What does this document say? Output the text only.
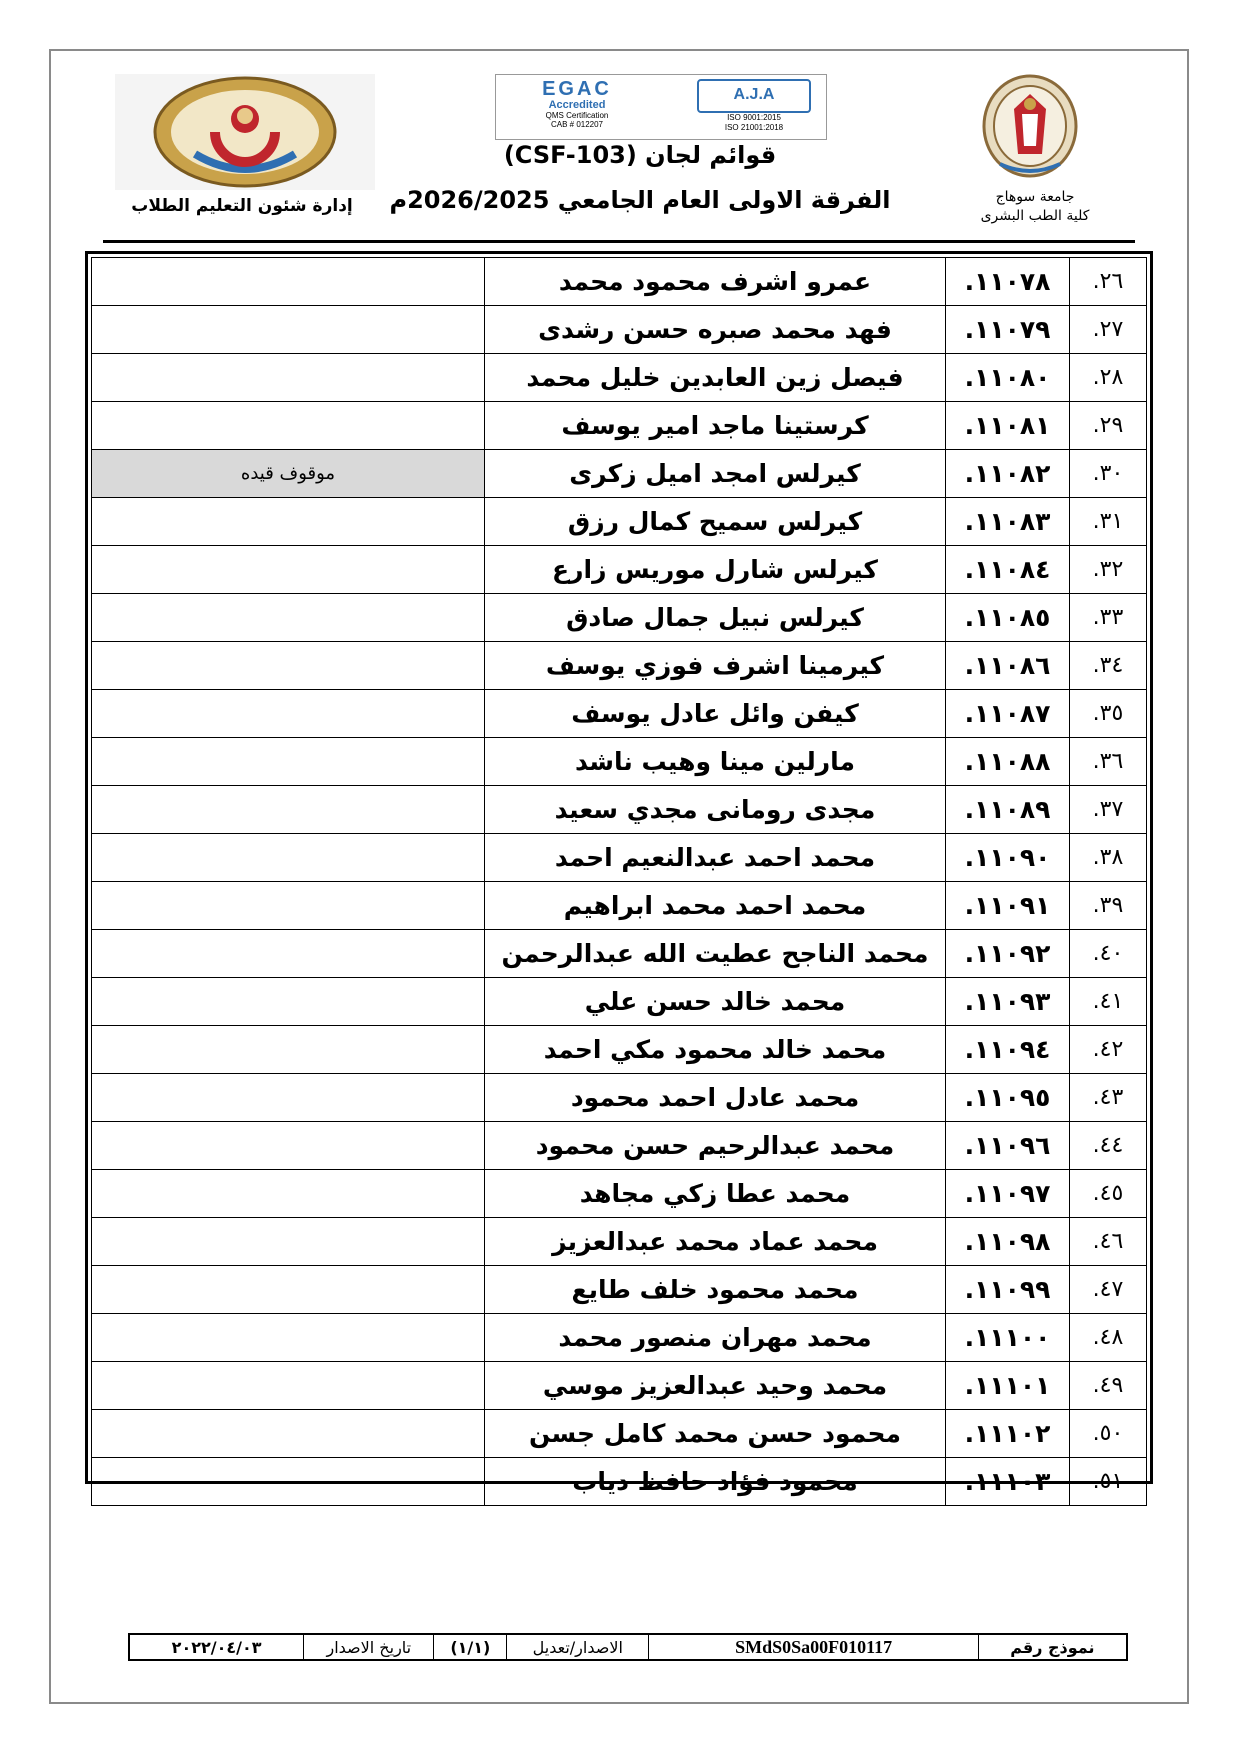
جامعة سوهاج
كلية الطب البشرى
EGAC
Accredited
QMS Certification
CAB # 012207
A.J.A
ISO 9001:2015
ISO 21001:2018
قوائم لجان (CSF-103)
الفرقة الاولى العام الجامعي 2026/2025م
إدارة شئون التعليم الطلاب
٢٦.	١١٠٧٨.	عمرو اشرف محمود محمد	
٢٧.	١١٠٧٩.	فهد محمد صبره حسن رشدى	
٢٨.	١١٠٨٠.	فيصل زين العابدين خليل محمد	
٢٩.	١١٠٨١.	كرستينا ماجد امير يوسف	
٣٠.	١١٠٨٢.	كيرلس امجد اميل زكرى	موقوف قيده
٣١.	١١٠٨٣.	كيرلس سميح كمال رزق	
٣٢.	١١٠٨٤.	كيرلس شارل موريس زارع	
٣٣.	١١٠٨٥.	كيرلس نبيل جمال صادق	
٣٤.	١١٠٨٦.	كيرمينا اشرف فوزي يوسف	
٣٥.	١١٠٨٧.	كيفن وائل عادل يوسف	
٣٦.	١١٠٨٨.	مارلين مينا وهيب ناشد	
٣٧.	١١٠٨٩.	مجدى رومانى مجدي سعيد	
٣٨.	١١٠٩٠.	محمد احمد عبدالنعيم احمد	
٣٩.	١١٠٩١.	محمد احمد محمد ابراهيم	
٤٠.	١١٠٩٢.	محمد الناجح عطيت الله عبدالرحمن	
٤١.	١١٠٩٣.	محمد خالد حسن علي	
٤٢.	١١٠٩٤.	محمد خالد محمود مكي احمد	
٤٣.	١١٠٩٥.	محمد عادل احمد محمود	
٤٤.	١١٠٩٦.	محمد عبدالرحيم حسن محمود	
٤٥.	١١٠٩٧.	محمد عطا زكي مجاهد	
٤٦.	١١٠٩٨.	محمد عماد محمد عبدالعزيز	
٤٧.	١١٠٩٩.	محمد محمود خلف طايع	
٤٨.	١١١٠٠.	محمد مهران منصور محمد	
٤٩.	١١١٠١.	محمد وحيد عبدالعزيز موسي	
٥٠.	١١١٠٢.	محمود حسن محمد كامل جسن	
٥١.	١١١٠٣.	محمود فؤاد حافظ دياب	
نموذج رقم
SMdS0Sa00F010117
الاصدار/تعديل
(١/١)
تاريخ الاصدار
٢٠٢٢/٠٤/٠٣
